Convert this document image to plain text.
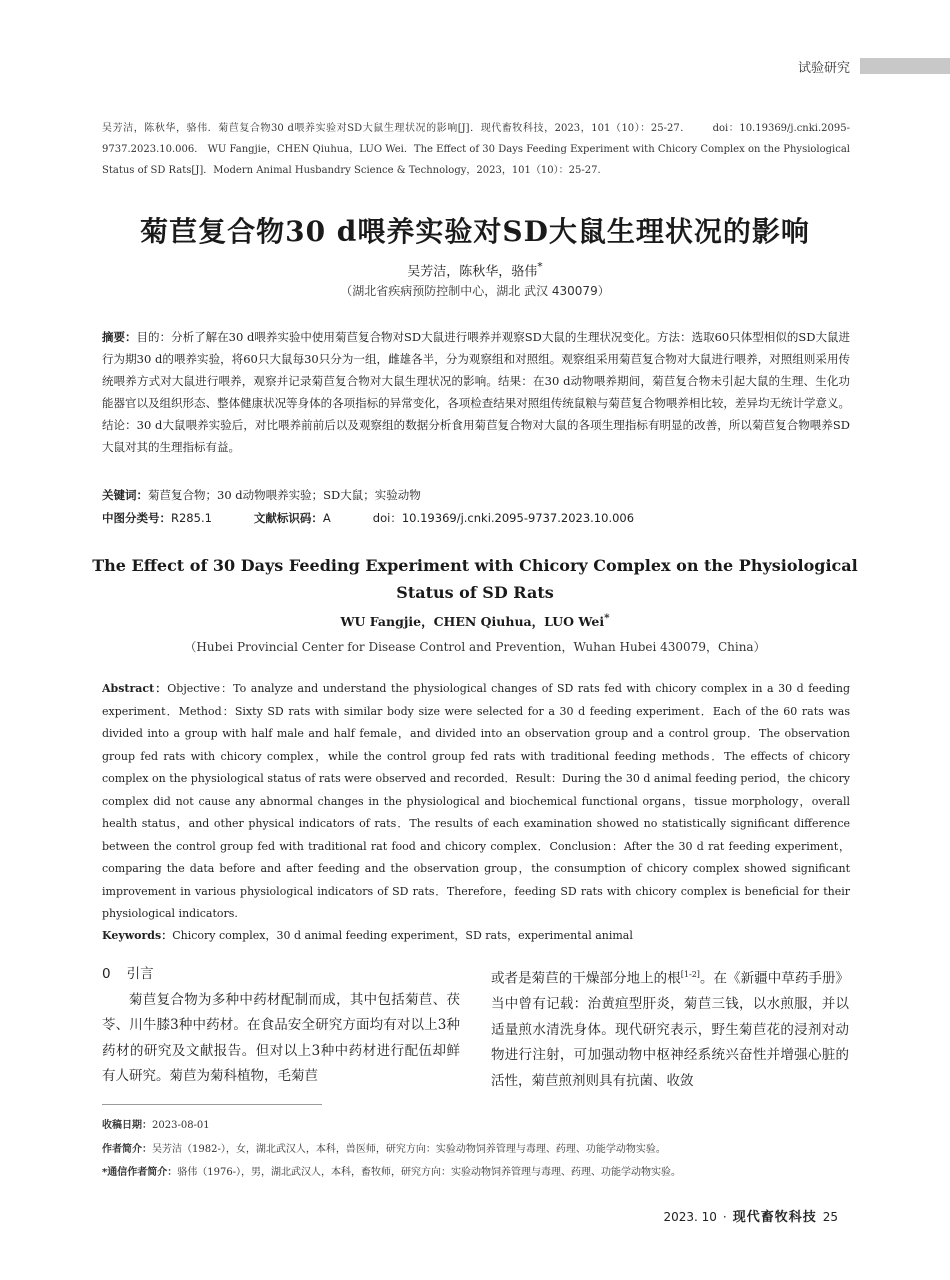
试验研究
吴芳洁，陈秋华，骆伟．菊苣复合物30 d喂养实验对SD大鼠生理状况的影响[J]．现代畜牧科技，2023，101（10）：25-27． doi：10.19369/j.cnki.2095-9737.2023.10.006． WU Fangjie，CHEN Qiuhua，LUO Wei．The Effect of 30 Days Feeding Experiment with Chicory Complex on the Physiological Status of SD Rats[J]．Modern Animal Husbandry Science & Technology，2023，101（10）：25-27.
菊苣复合物30 d喂养实验对SD大鼠生理状况的影响
吴芳洁，陈秋华，骆伟*
（湖北省疾病预防控制中心，湖北 武汉 430079）
摘要：目的：分析了解在30 d喂养实验中使用菊苣复合物对SD大鼠进行喂养并观察SD大鼠的生理状况变化。方法：选取60只体型相似的SD大鼠进行为期30 d的喂养实验，将60只大鼠每30只分为一组，雌雄各半，分为观察组和对照组。观察组采用菊苣复合物对大鼠进行喂养，对照组则采用传统喂养方式对大鼠进行喂养，观察并记录菊苣复合物对大鼠生理状况的影响。结果：在30 d动物喂养期间，菊苣复合物未引起大鼠的生理、生化功能器官以及组织形态、整体健康状况等身体的各项指标的异常变化，各项检查结果对照组传统鼠粮与菊苣复合物喂养相比较，差异均无统计学意义。结论：30 d大鼠喂养实验后，对比喂养前前后以及观察组的数据分析食用菊苣复合物对大鼠的各项生理指标有明显的改善，所以菊苣复合物喂养SD大鼠对其的生理指标有益。
关键词：菊苣复合物；30 d动物喂养实验；SD大鼠；实验动物
中图分类号：R285.1	文献标识码：A	doi：10.19369/j.cnki.2095-9737.2023.10.006
The Effect of 30 Days Feeding Experiment with Chicory Complex on the Physiological Status of SD Rats
WU Fangjie，CHEN Qiuhua，LUO Wei*
（Hubei Provincial Center for Disease Control and Prevention，Wuhan Hubei 430079，China）
Abstract：Objective：To analyze and understand the physiological changes of SD rats fed with chicory complex in a 30 d feeding experiment．Method：Sixty SD rats with similar body size were selected for a 30 d feeding experiment．Each of the 60 rats was divided into a group with half male and half female，and divided into an observation group and a control group．The observation group fed rats with chicory complex，while the control group fed rats with traditional feeding methods．The effects of chicory complex on the physiological status of rats were observed and recorded．Result：During the 30 d animal feeding period，the chicory complex did not cause any abnormal changes in the physiological and biochemical functional organs，tissue morphology，overall health status，and other physical indicators of rats．The results of each examination showed no statistically significant difference between the control group fed with traditional rat food and chicory complex．Conclusion：After the 30 d rat feeding experiment，comparing the data before and after feeding and the observation group，the consumption of chicory complex showed significant improvement in various physiological indicators of SD rats．Therefore，feeding SD rats with chicory complex is beneficial for their physiological indicators.
Keywords：Chicory complex，30 d animal feeding experiment，SD rats，experimental animal
0 引言

菊苣复合物为多种中药材配制而成，其中包括菊苣、茯苓、川牛膝3种中药材。在食品安全研究方面均有对以上3种药材的研究及文献报告。但对以上3种中药材进行配伍却鲜有人研究。菊苣为菊科植物，毛菊苣

或者是菊苣的干燥部分地上的根[1-2]。在《新疆中草药手册》当中曾有记载：治黄疸型肝炎，菊苣三钱，以水煎服，并以适量煎水清洗身体。现代研究表示，野生菊苣花的浸剂对动物进行注射，可加强动物中枢神经系统兴奋性并增强心脏的活性，菊苣煎剂则具有抗菌、收敛

收稿日期：2023-08-01
作者简介：吴芳洁（1982-），女，湖北武汉人，本科，兽医师，研究方向：实验动物饲养管理与毒理、药理、功能学动物实验。
*通信作者简介：骆伟（1976-），男，湖北武汉人，本科，畜牧师，研究方向：实验动物饲养管理与毒理、药理、功能学动物实验。
2023. 10 · 现代畜牧科技 25
